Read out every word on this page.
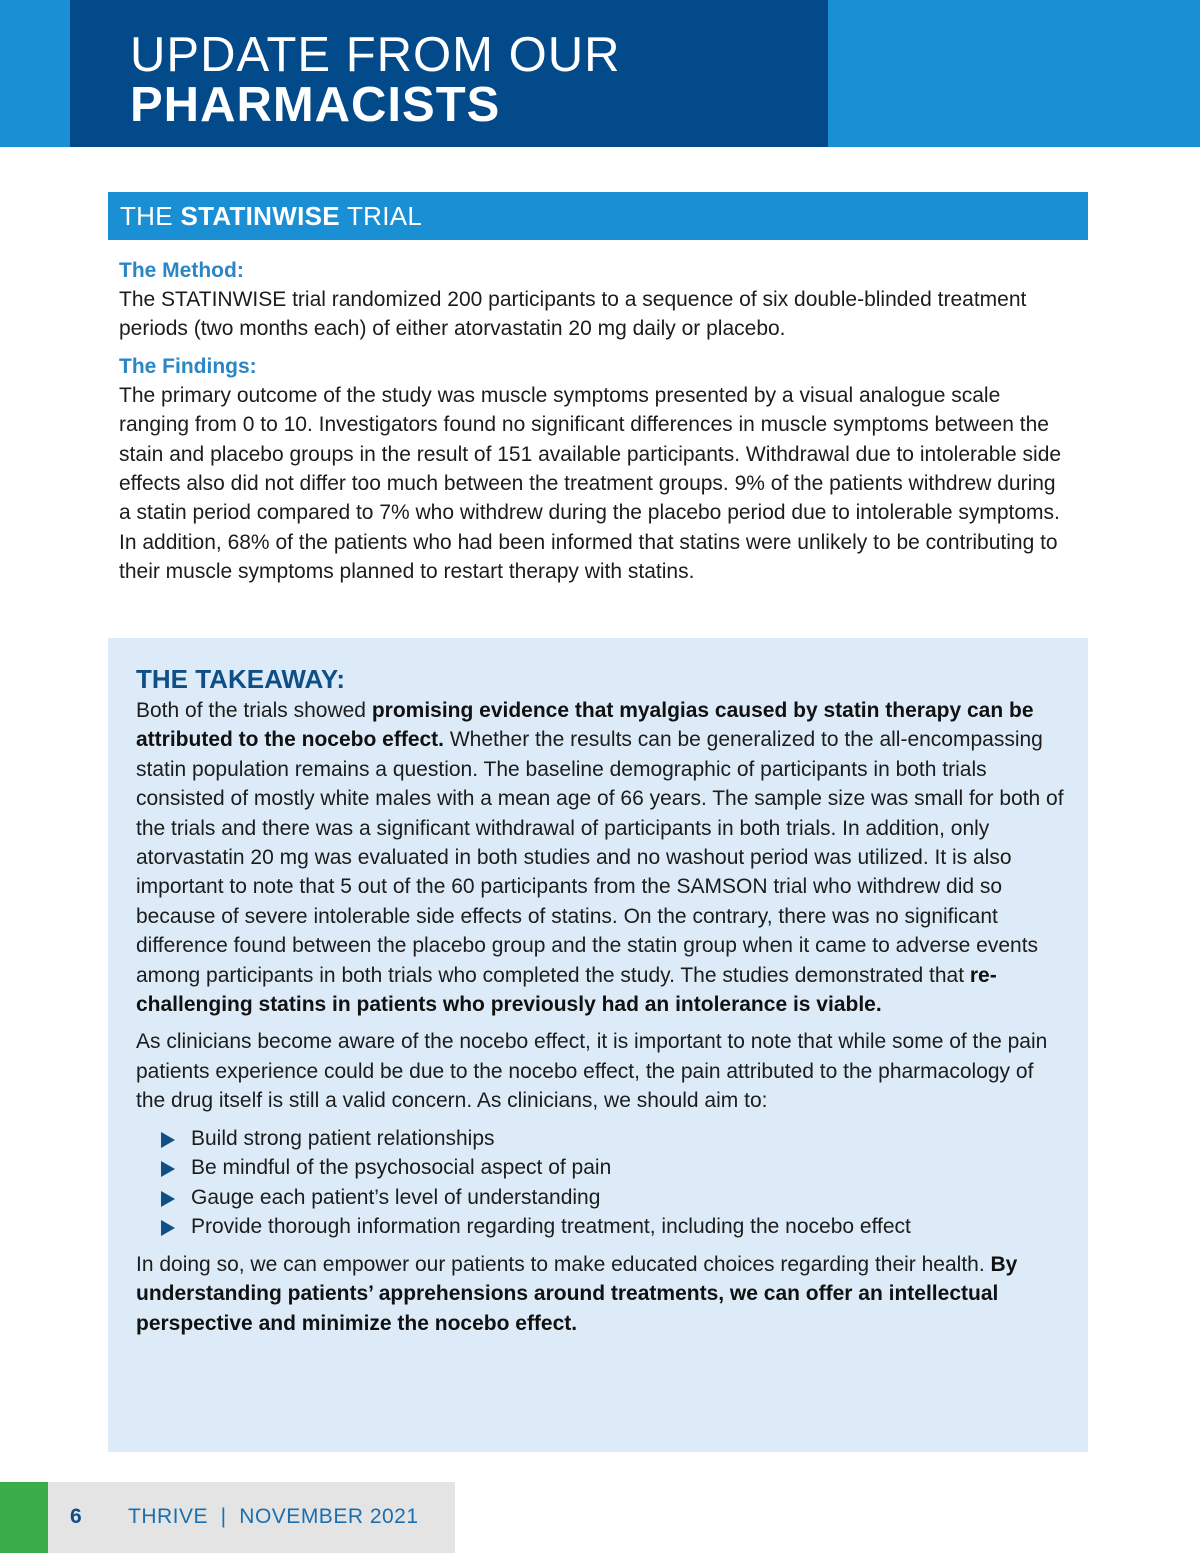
UPDATE FROM OUR
PHARMACISTS
THE STATINWISE TRIAL
The Method:

The STATINWISE trial randomized 200 participants to a sequence of six double-blinded treatment periods (two months each) of either atorvastatin 20 mg daily or placebo.

The Findings:

The primary outcome of the study was muscle symptoms presented by a visual analogue scale ranging from 0 to 10. Investigators found no significant differences in muscle symptoms between the stain and placebo groups in the result of 151 available participants. Withdrawal due to intolerable side effects also did not differ too much between the treatment groups. 9% of the patients withdrew during a statin period compared to 7% who withdrew during the placebo period due to intolerable symptoms. In addition, 68% of the patients who had been informed that statins were unlikely to be contributing to their muscle symptoms planned to restart therapy with statins.

THE TAKEAWAY:

Both of the trials showed promising evidence that myalgias caused by statin therapy can be attributed to the nocebo effect. Whether the results can be generalized to the all-encompassing statin population remains a question. The baseline demographic of participants in both trials consisted of mostly white males with a mean age of 66 years. The sample size was small for both of the trials and there was a significant withdrawal of participants in both trials. In addition, only atorvastatin 20 mg was evaluated in both studies and no washout period was utilized. It is also important to note that 5 out of the 60 participants from the SAMSON trial who withdrew did so because of severe intolerable side effects of statins. On the contrary, there was no significant difference found between the placebo group and the statin group when it came to adverse events among participants in both trials who completed the study. The studies demonstrated that re-challenging statins in patients who previously had an intolerance is viable.

As clinicians become aware of the nocebo effect, it is important to note that while some of the pain patients experience could be due to the nocebo effect, the pain attributed to the pharmacology of the drug itself is still a valid concern. As clinicians, we should aim to:

Build strong patient relationships
Be mindful of the psychosocial aspect of pain
Gauge each patient’s level of understanding
Provide thorough information regarding treatment, including the nocebo effect

In doing so, we can empower our patients to make educated choices regarding their health. By understanding patients’ apprehensions around treatments, we can offer an intellectual perspective and minimize the nocebo effect.

6 THRIVE  |  NOVEMBER 2021
